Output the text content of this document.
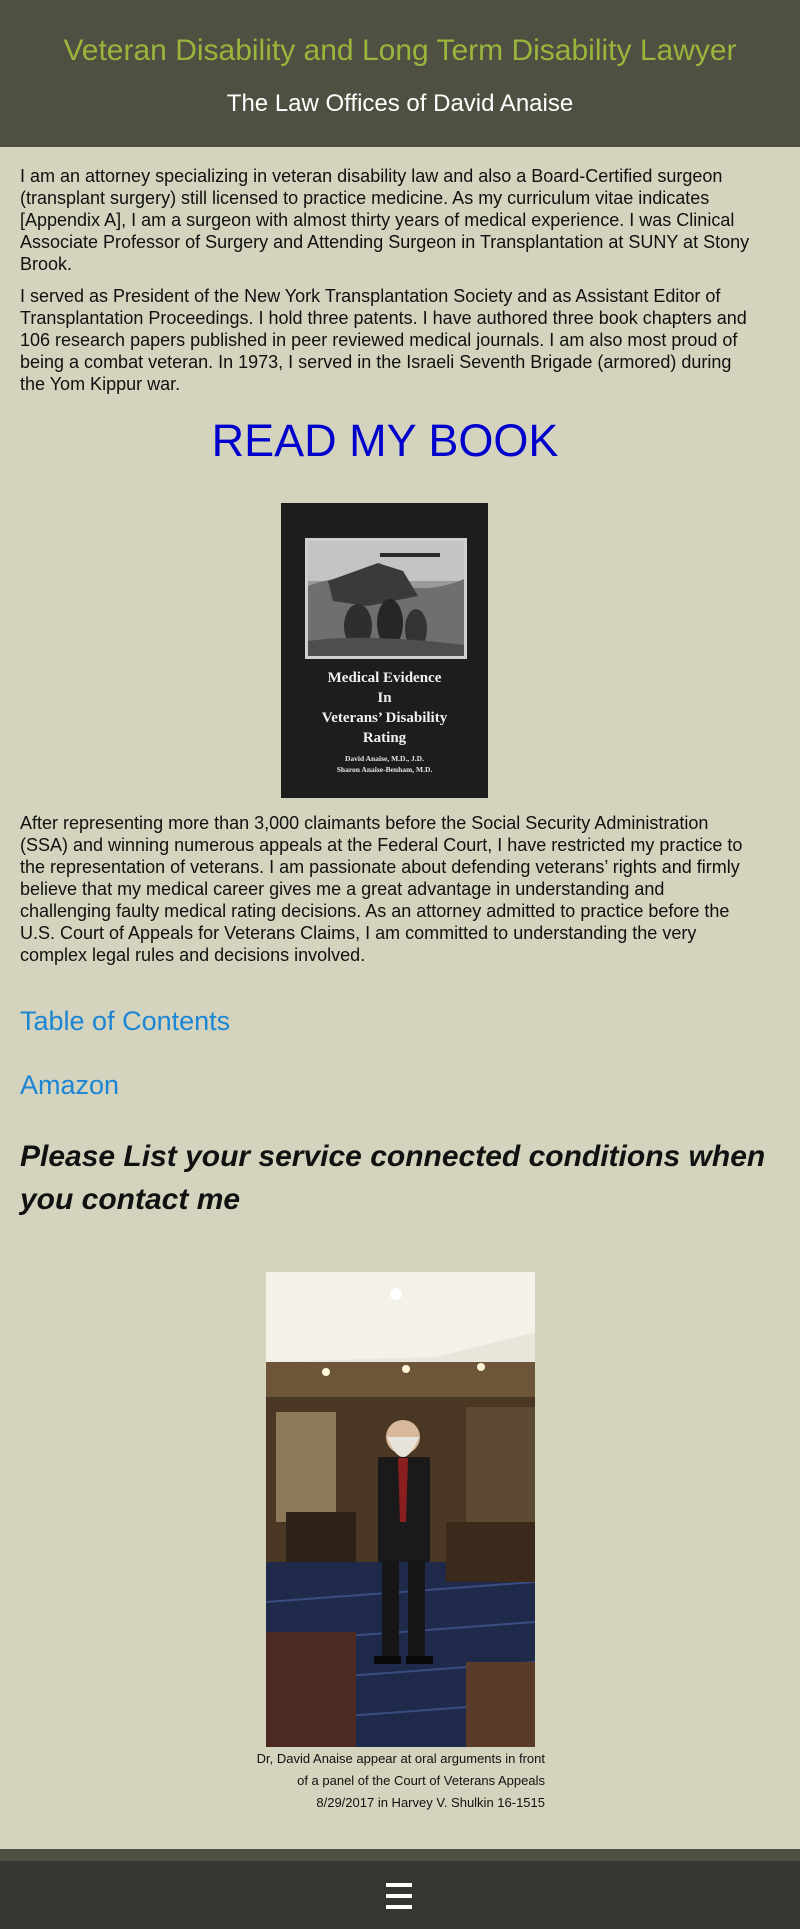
Veteran Disability and Long Term Disability Lawyer
The Law Offices of David Anaise

I am an attorney specializing in veteran disability law and also a Board-Certified surgeon (transplant surgery) still licensed to practice medicine. As my curriculum vitae indicates [Appendix A], I am a surgeon with almost thirty years of medical experience. I was Clinical Associate Professor of Surgery and Attending Surgeon in Transplantation at SUNY at Stony Brook.

I served as President of the New York Transplantation Society and as Assistant Editor of Transplantation Proceedings. I hold three patents. I have authored three book chapters and 106 research papers published in peer reviewed medical journals. I am also most proud of being a combat veteran. In 1973, I served in the Israeli Seventh Brigade (armored) during the Yom Kippur war.

READ MY BOOK
Medical Evidence
In
Veterans’ Disability
Rating
David Anaise, M.D., J.D.
Sharon Anaise-Benham, M.D.

After representing more than 3,000 claimants before the Social Security Administration (SSA) and winning numerous appeals at the Federal Court, I have restricted my practice to the representation of veterans. I am passionate about defending veterans’ rights and firmly believe that my medical career gives me a great advantage in understanding and challenging faulty medical rating decisions. As an attorney admitted to practice before the U.S. Court of Appeals for Veterans Claims, I am committed to understanding the very complex legal rules and decisions involved.

Table of Contents
Amazon

Please List your service connected conditions when you contact me

Dr, David Anaise appear at oral arguments in front of a panel of the Court of Veterans Appeals 8/29/2017 in Harvey V. Shulkin 16-1515
